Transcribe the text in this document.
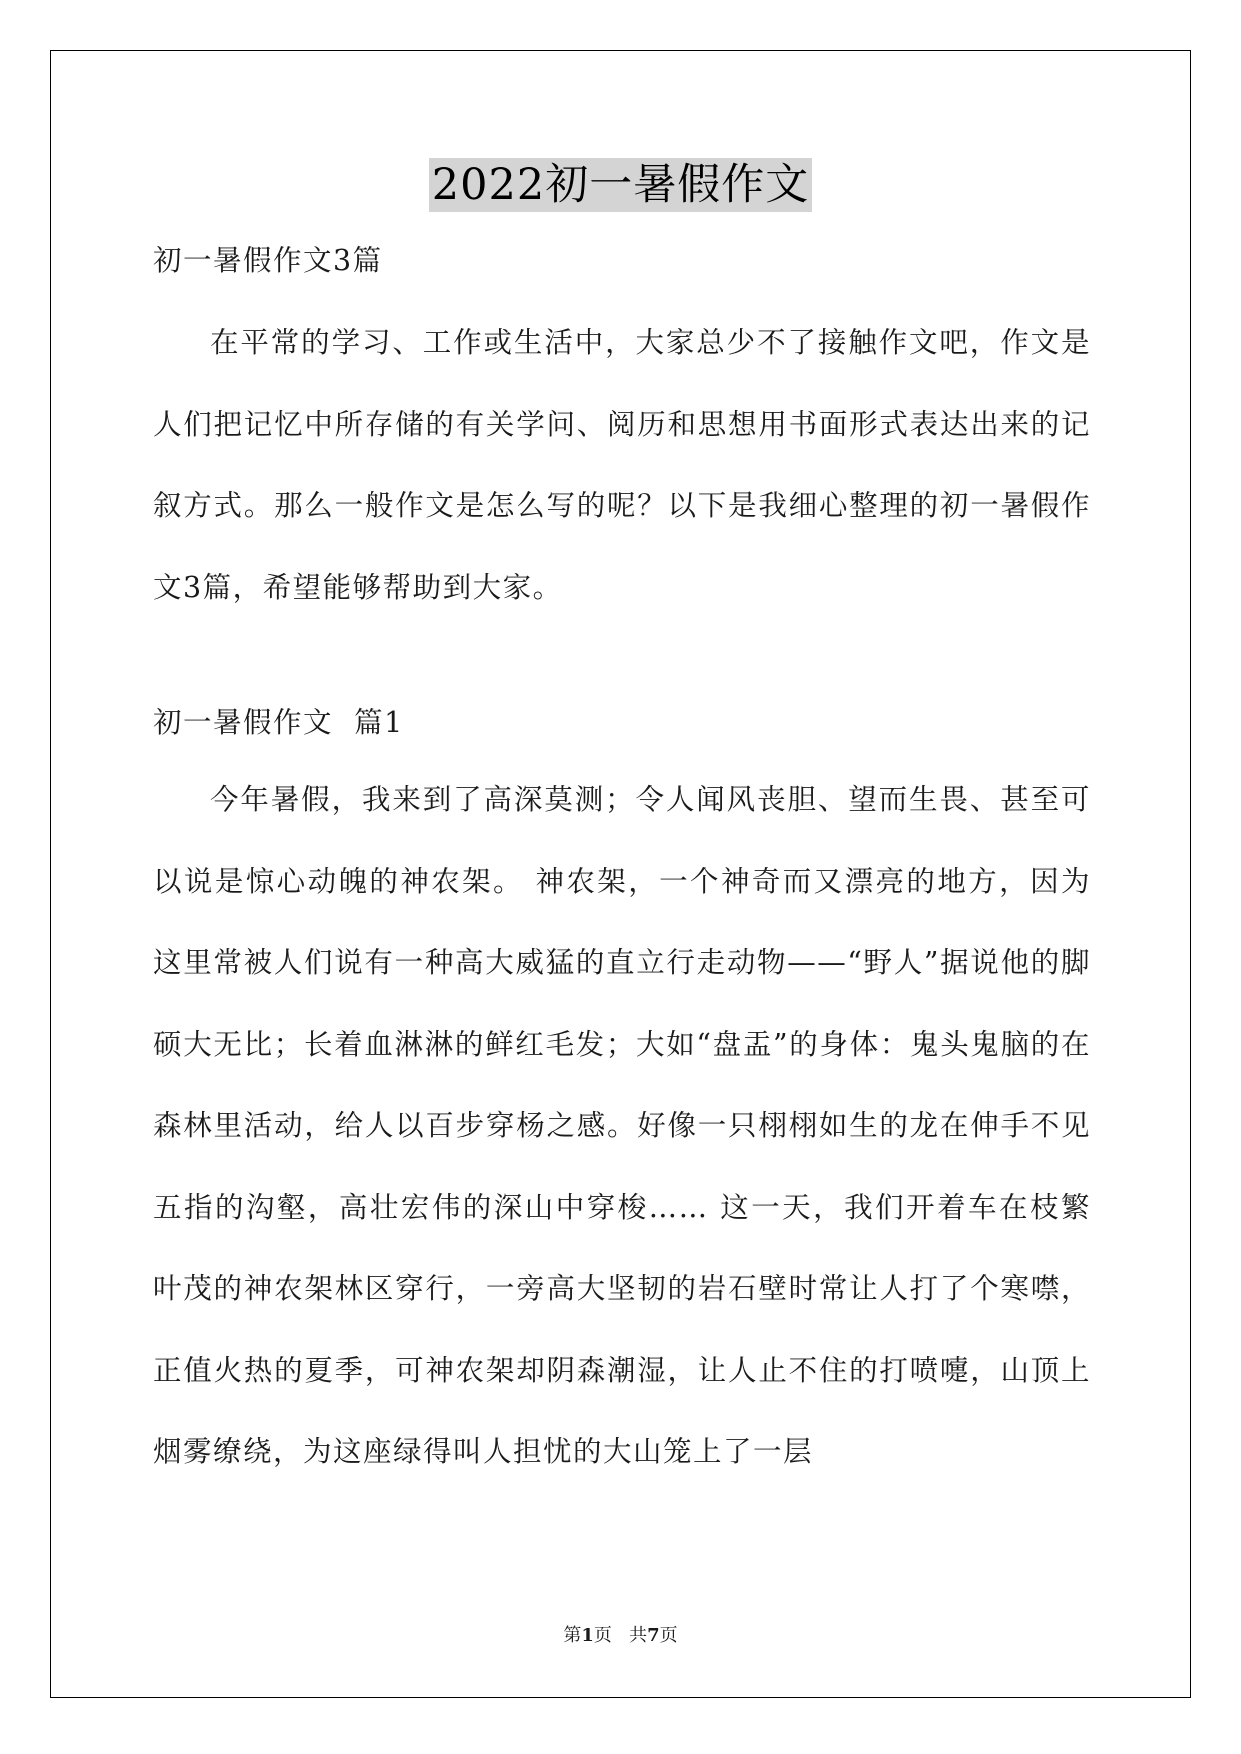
2022初一暑假作文
初一暑假作文3篇

在平常的学习、工作或生活中，大家总少不了接触作文吧，作文是人们把记忆中所存储的有关学问、阅历和思想用书面形式表达出来的记叙方式。那么一般作文是怎么写的呢？以下是我细心整理的初一暑假作文3篇，希望能够帮助到大家。

初一暑假作文  篇1

今年暑假，我来到了高深莫测；令人闻风丧胆、望而生畏、甚至可以说是惊心动魄的神农架。 神农架，一个神奇而又漂亮的地方，因为这里常被人们说有一种高大威猛的直立行走动物——“野人”据说他的脚硕大无比；长着血淋淋的鲜红毛发；大如“盘盂”的身体：鬼头鬼脑的在森林里活动，给人以百步穿杨之感。好像一只栩栩如生的龙在伸手不见五指的沟壑，高壮宏伟的深山中穿梭…… 这一天，我们开着车在枝繁叶茂的神农架林区穿行，一旁高大坚韧的岩石壁时常让人打了个寒噤，正值火热的夏季，可神农架却阴森潮湿，让人止不住的打喷嚏，山顶上烟雾缭绕，为这座绿得叫人担忧的大山笼上了一层

第1页   共7页
